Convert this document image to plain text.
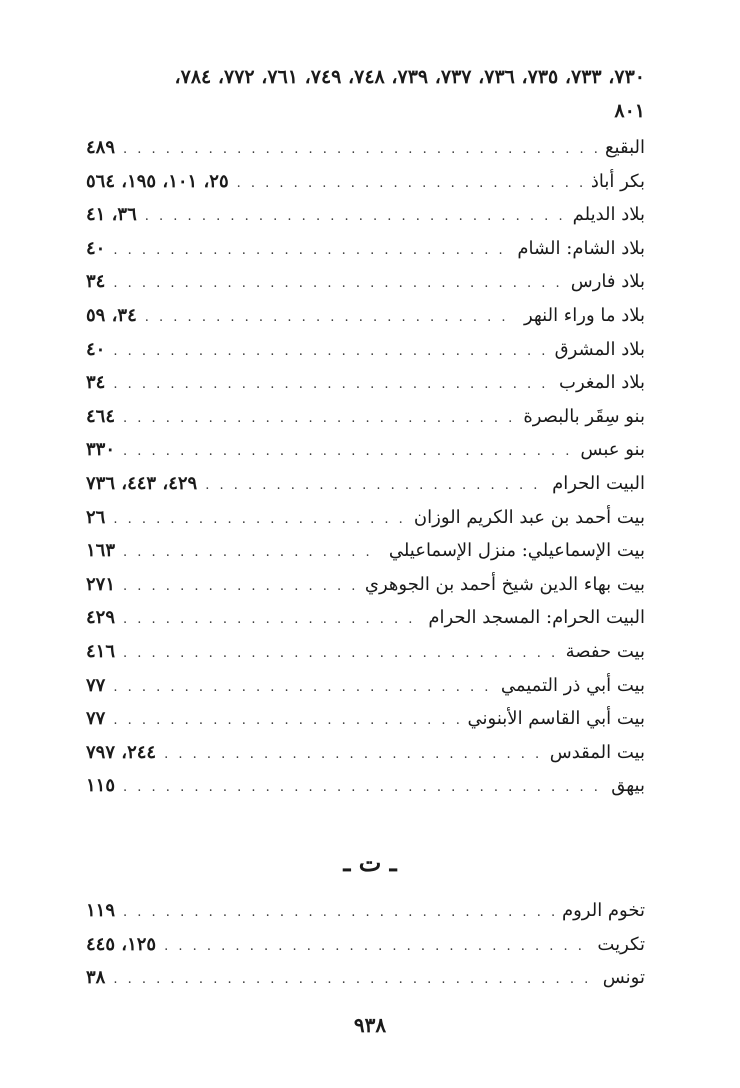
٧٣٠، ٧٣٣، ٧٣٥، ٧٣٦، ٧٣٧، ٧٣٩، ٧٤٨، ٧٤٩، ٧٦١، ٧٧٢، ٧٨٤،
٨٠١
البقيع
. . .
٤٨٩
بكر أباذ
. . .
٢٥، ١٠١، ١٩٥، ٥٦٤
بلاد الديلم
. . .
٣٦، ٤١
بلاد الشام: الشام
. . .
٤٠
بلاد فارس
. . .
٣٤
بلاد ما وراء النهر
. . .
٣٤، ٥٩
بلاد المشرق
. . .
٤٠
بلاد المغرب
. . .
٣٤
بنو سِقَر بالبصرة
. . .
٤٦٤
بنو عبس
. . .
٣٣٠
البيت الحرام
. . .
٤٢٩، ٤٤٣، ٧٣٦
بيت أحمد بن عبد الكريم الوزان
. . .
٢٦
بيت الإسماعيلي: منزل الإسماعيلي
. . .
١٦٣
بيت بهاء الدين شيخ أحمد بن الجوهري
. . .
٢٧١
البيت الحرام: المسجد الحرام
. . .
٤٢٩
بيت حفصة
. . .
٤١٦
بيت أبي ذر التميمي
. . .
٧٧
بيت أبي القاسم الأبنوني
. . .
٧٧
بيت المقدس
. . .
٢٤٤، ٧٩٧
بيهق
. . .
١١٥
ـ ت ـ
تخوم الروم
. . .
١١٩
تكريت
. . .
١٢٥، ٤٤٥
تونس
. . .
٣٨
٩٣٨
